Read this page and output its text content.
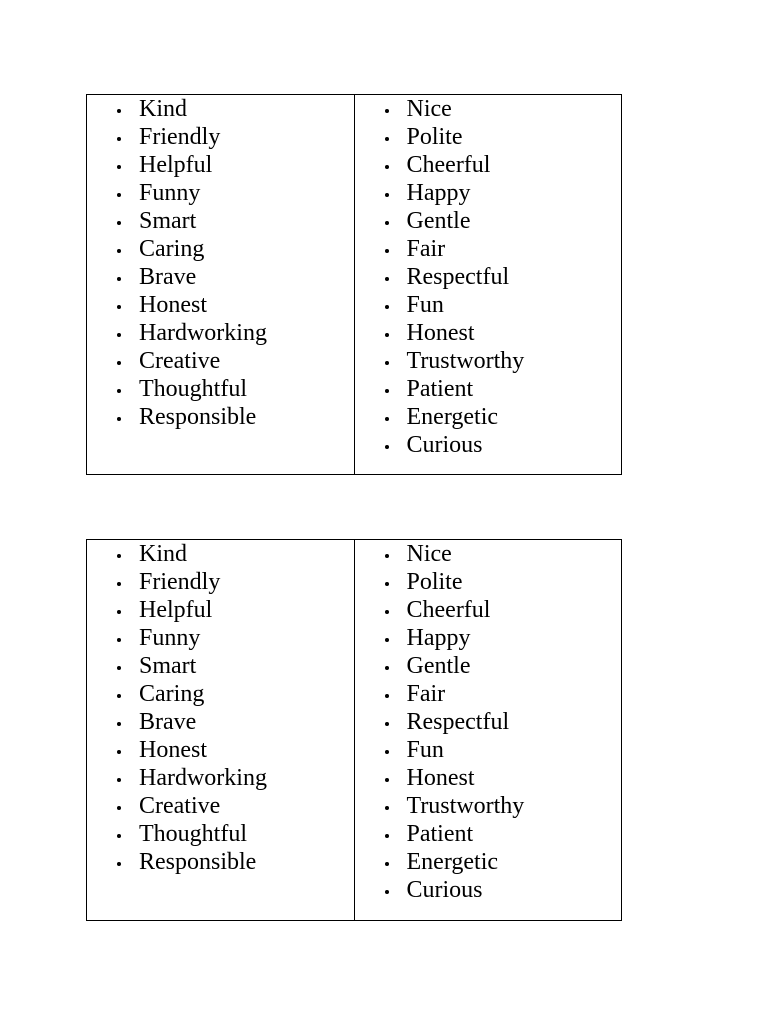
Kind
Friendly
Helpful
Funny
Smart
Caring
Brave
Honest
Hardworking
Creative
Thoughtful
Responsible

Nice
Polite
Cheerful
Happy
Gentle
Fair
Respectful
Fun
Honest
Trustworthy
Patient
Energetic
Curious
Kind
Friendly
Helpful
Funny
Smart
Caring
Brave
Honest
Hardworking
Creative
Thoughtful
Responsible

Nice
Polite
Cheerful
Happy
Gentle
Fair
Respectful
Fun
Honest
Trustworthy
Patient
Energetic
Curious
